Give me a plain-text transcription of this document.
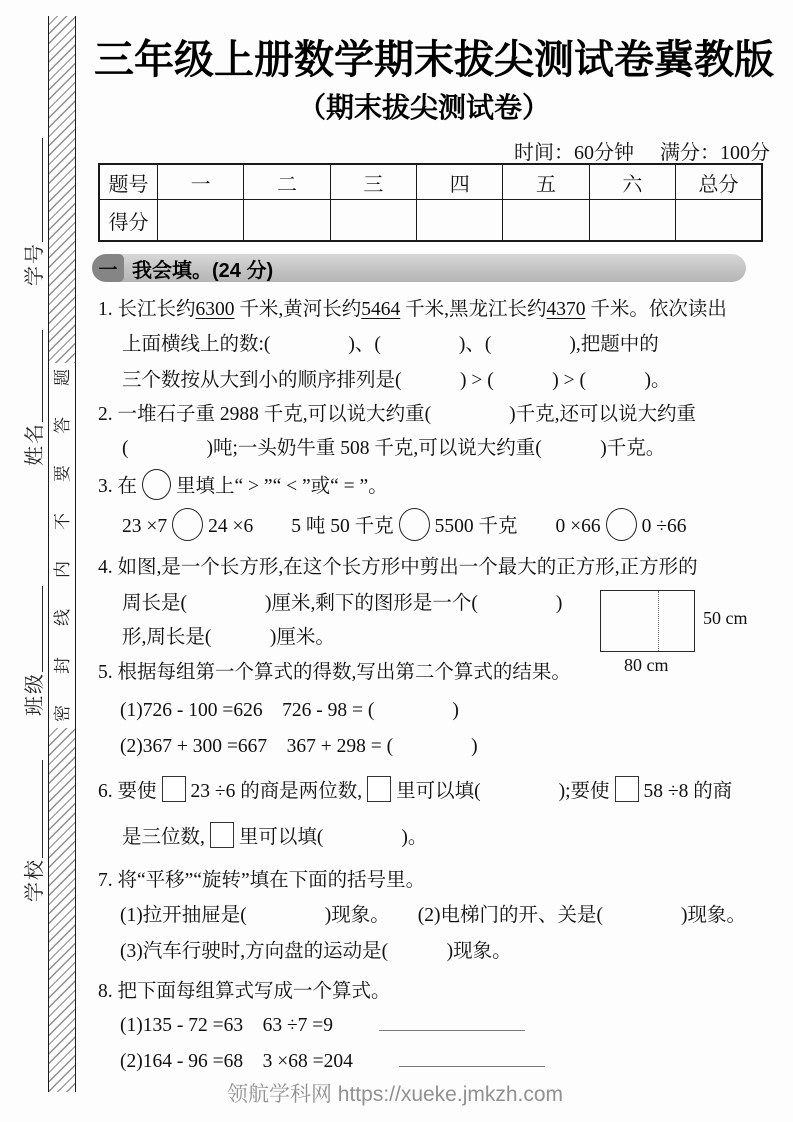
学号
姓名
班级
学校
题
答
要
不
内
线
封
密
三年级上册数学期末拔尖测试卷冀教版
（期末拔尖测试卷）
时间：60分钟 满分：100分
题号	一	二	三	四	五	六	总分
得分							
一 我会填。(24 分)
1. 长江长约6300 千米,黄河长约5464 千米,黑龙江长约4370 千米。依次读出
上面横线上的数:(　　　　)、(　　　　)、(　　　　),把题中的
三个数按从大到小的顺序排列是(　　　) > (　　　) > (　　　)。
2. 一堆石子重 2988 千克,可以说大约重(　　　　)千克,还可以说大约重
(　　　　)吨;一头奶牛重 508 千克,可以说大约重(　　　)千克。
3. 在 里填上“ > ”“ < ”或“ = ”。
23 ×7 24 ×6 5 吨 50 千克 5500 千克 0 ×66 0 ÷66
4. 如图,是一个长方形,在这个长方形中剪出一个最大的正方形,正方形的
周长是(　　　　)厘米,剩下的图形是一个(　　　　)
形,周长是(　　　)厘米。
50 cm
80 cm
5. 根据每组第一个算式的得数,写出第二个算式的结果。
(1)726 - 100 =626　726 - 98 = (　　　　)
(2)367 + 300 =667　367 + 298 = (　　　　)
6. 要使 23 ÷6 的商是两位数, 里可以填(　　　　);要使 58 ÷8 的商
是三位数, 里可以填(　　　　)。
7. 将“平移”“旋转”填在下面的括号里。
(1)拉开抽屉是(　　　　)现象。 (2)电梯门的开、关是(　　　　)现象。
(3)汽车行驶时,方向盘的运动是(　　　)现象。
8. 把下面每组算式写成一个算式。
(1)135 - 72 =63　63 ÷7 =9
(2)164 - 96 =68　3 ×68 =204
领航学科网 https://xueke.jmkzh.com
